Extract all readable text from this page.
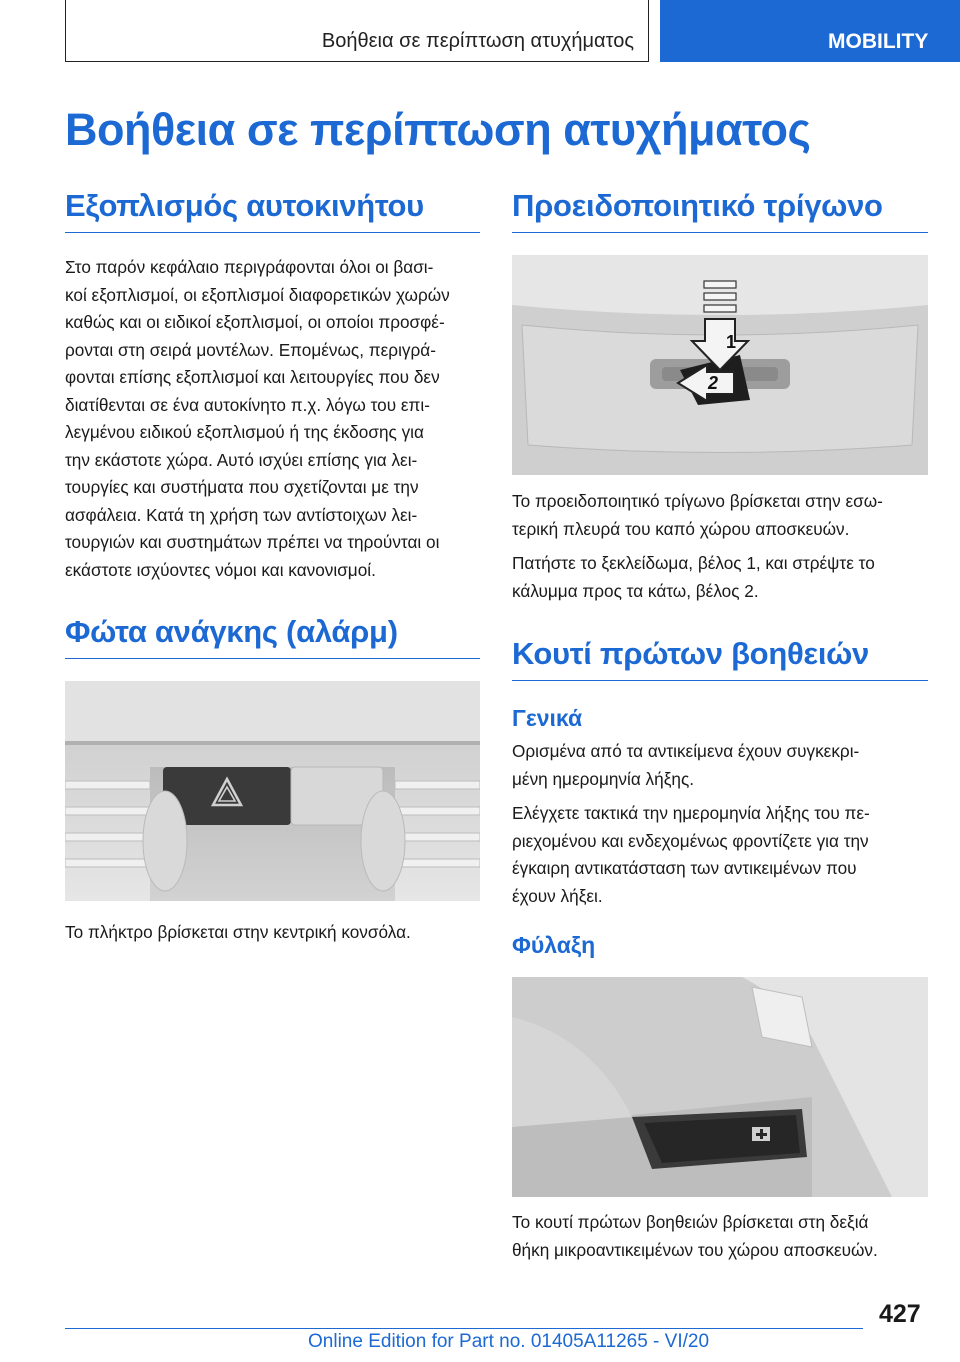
Βοήθεια σε περίπτωση ατυχήματος	MOBILITY
Βοήθεια σε περίπτωση ατυχήματος
Εξοπλισμός αυτοκινήτου

Στο παρόν κεφάλαιο περιγράφονται όλοι οι βασι-

κοί εξοπλισμοί, οι εξοπλισμοί διαφορετικών χωρών

καθώς και οι ειδικοί εξοπλισμοί, οι οποίοι προσφέ-

ρονται στη σειρά μοντέλων. Επομένως, περιγρά-

φονται επίσης εξοπλισμοί και λειτουργίες που δεν

διατίθενται σε ένα αυτοκίνητο π.χ. λόγω του επι-

λεγμένου ειδικού εξοπλισμού ή της έκδοσης για

την εκάστοτε χώρα. Αυτό ισχύει επίσης για λει-

τουργίες και συστήματα που σχετίζονται με την

ασφάλεια. Κατά τη χρήση των αντίστοιχων λει-

τουργιών και συστημάτων πρέπει να τηρούνται οι

εκάστοτε ισχύοντες νόμοι και κανονισμοί.

Φώτα ανάγκης (αλάρμ)

Το πλήκτρο βρίσκεται στην κεντρική κονσόλα.

Προειδοποιητικό τρίγωνο
1
2

Το προειδοποιητικό τρίγωνο βρίσκεται στην εσω-

τερική πλευρά του καπό χώρου αποσκευών.

Πατήστε το ξεκλείδωμα, βέλος 1, και στρέψτε το

κάλυμμα προς τα κάτω, βέλος 2.

Κουτί πρώτων βοηθειών
Γενικά

Ορισμένα από τα αντικείμενα έχουν συγκεκρι-

μένη ημερομηνία λήξης.

Ελέγχετε τακτικά την ημερομηνία λήξης του πε-

ριεχομένου και ενδεχομένως φροντίζετε για την

έγκαιρη αντικατάσταση των αντικειμένων που

έχουν λήξει.

Φύλαξη

Το κουτί πρώτων βοηθειών βρίσκεται στη δεξιά

θήκη μικροαντικειμένων του χώρου αποσκευών.

427
Online Edition for Part no. 01405A11265 - VI/20
